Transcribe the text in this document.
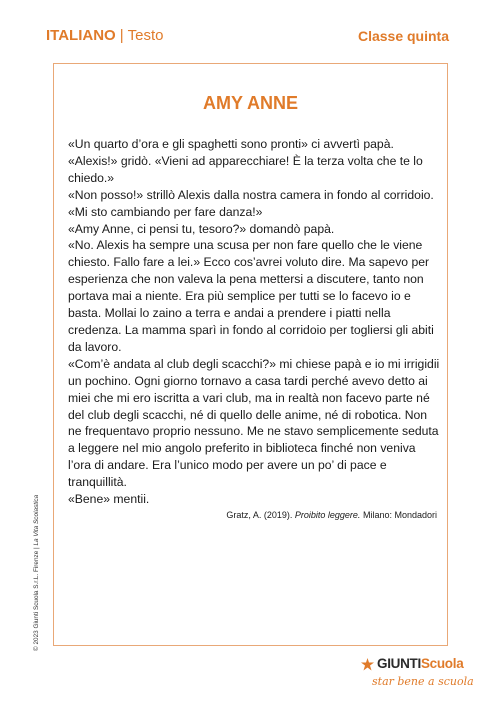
ITALIANO | Testo	Classe quinta
AMY ANNE

«Un quarto d’ora e gli spaghetti sono pronti» ci avvertì papà. «Alexis!» gridò. «Vieni ad apparecchiare! È la terza volta che te lo chiedo.»

«Non posso!» strillò Alexis dalla nostra camera in fondo al corridoio. «Mi sto cambiando per fare danza!»

«Amy Anne, ci pensi tu, tesoro?» domandò papà.

«No. Alexis ha sempre una scusa per non fare quello che le viene chiesto. Fallo fare a lei.» Ecco cos’avrei voluto dire. Ma sapevo per esperienza che non valeva la pena mettersi a discutere, tanto non portava mai a niente. Era più semplice per tutti se lo facevo io e basta. Mollai lo zaino a terra e andai a prendere i piatti nella credenza. La mamma sparì in fondo al corridoio per togliersi gli abiti da lavoro.

«Com’è andata al club degli scacchi?» mi chiese papà e io mi irrigidii un pochino. Ogni giorno tornavo a casa tardi perché avevo detto ai miei che mi ero iscritta a vari club, ma in realtà non facevo parte né del club degli scacchi, né di quello delle anime, né di robotica. Non ne frequentavo proprio nessuno. Me ne stavo semplicemente seduta a leggere nel mio angolo preferito in biblioteca finché non veniva l’ora di andare. Era l’unico modo per avere un po’ di pace e tranquillità.

«Bene» mentii.

Gratz, A. (2019). Proibito leggere. Milano: Mondadori
© 2023 Giunti Scuola S.r.L. Firenze | La Vita Scolastica
GIUNTIScuola
star bene a scuola
